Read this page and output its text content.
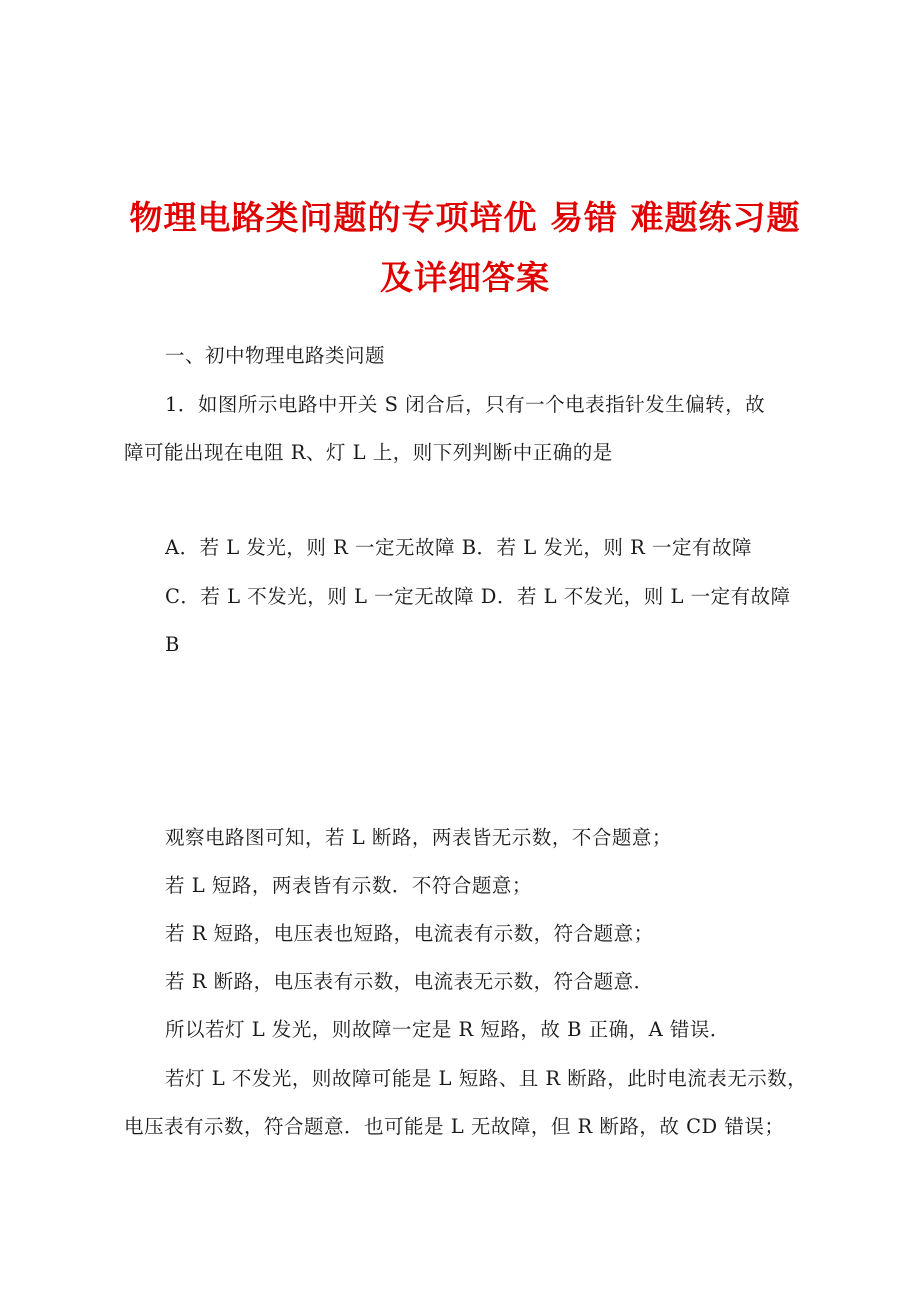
物理电路类问题的专项培优 易错 难题练习题
及详细答案
一、初中物理电路类问题
1．如图所示电路中开关 S 闭合后，只有一个电表指针发生偏转，故
障可能出现在电阻 R、灯 L 上，则下列判断中正确的是
A．若 L 发光，则 R 一定无故障 B．若 L 发光，则 R 一定有故障
C．若 L 不发光，则 L 一定无故障 D．若 L 不发光，则 L 一定有故障
B
观察电路图可知，若 L 断路，两表皆无示数，不合题意；
若 L 短路，两表皆有示数．不符合题意；
若 R 短路，电压表也短路，电流表有示数，符合题意；
若 R 断路，电压表有示数，电流表无示数，符合题意．
所以若灯 L 发光，则故障一定是 R 短路，故 B 正确，A 错误．
若灯 L 不发光，则故障可能是 L 短路、且 R 断路，此时电流表无示数，
电压表有示数，符合题意．也可能是 L 无故障，但 R 断路，故 CD 错误；
